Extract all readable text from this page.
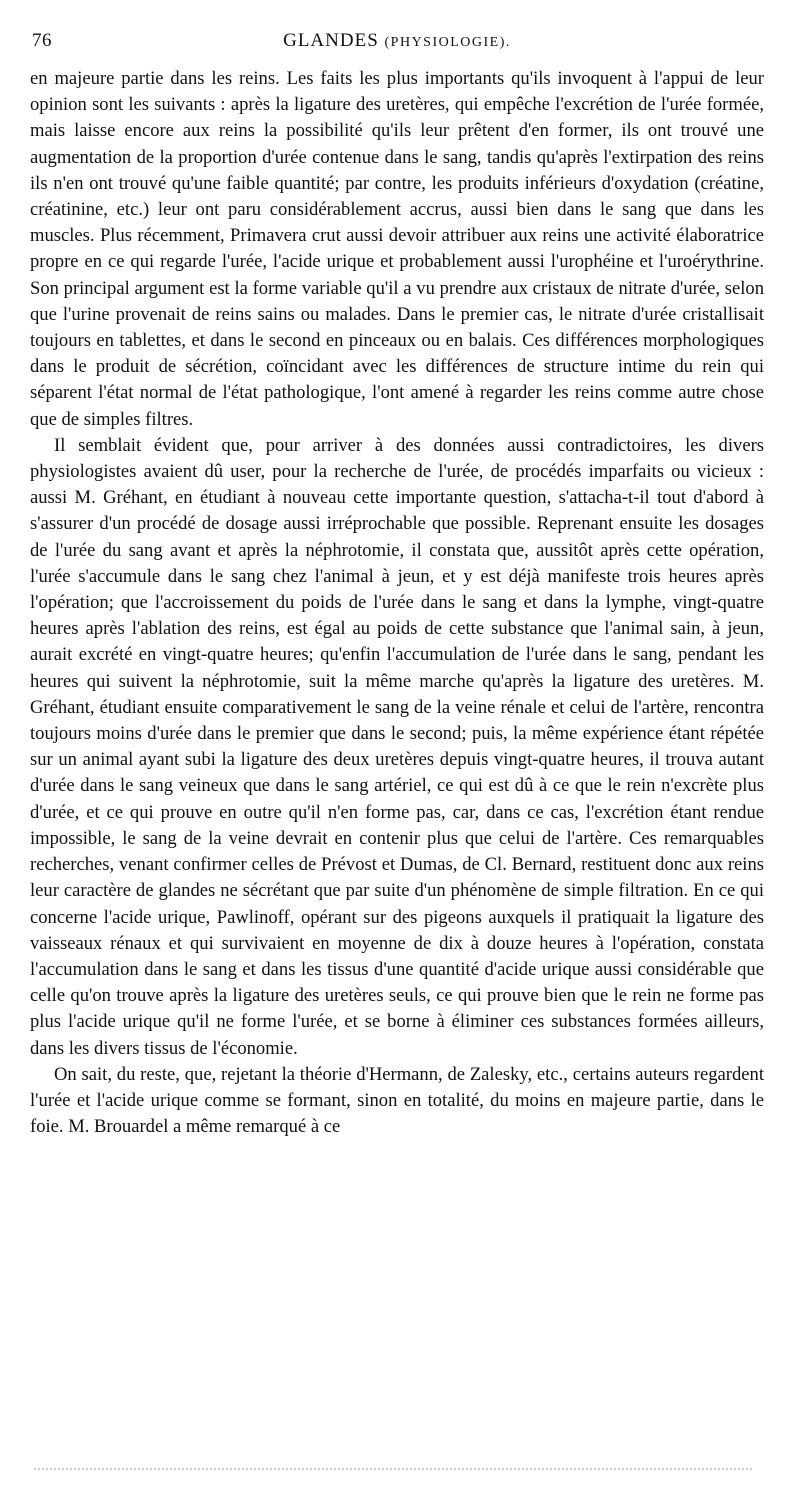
76	GLANDES (PHYSIOLOGIE).

en majeure partie dans les reins. Les faits les plus importants qu'ils invoquent à l'appui de leur opinion sont les suivants : après la ligature des uretères, qui empêche l'excrétion de l'urée formée, mais laisse encore aux reins la possibilité qu'ils leur prêtent d'en former, ils ont trouvé une augmentation de la proportion d'urée contenue dans le sang, tandis qu'après l'extirpation des reins ils n'en ont trouvé qu'une faible quantité; par contre, les produits inférieurs d'oxydation (créatine, créatinine, etc.) leur ont paru considérablement accrus, aussi bien dans le sang que dans les muscles. Plus récemment, Primavera crut aussi devoir attribuer aux reins une activité élaboratrice propre en ce qui regarde l'urée, l'acide urique et probablement aussi l'urophéine et l'uroérythrine. Son principal argument est la forme variable qu'il a vu prendre aux cristaux de nitrate d'urée, selon que l'urine provenait de reins sains ou malades. Dans le premier cas, le nitrate d'urée cristallisait toujours en tablettes, et dans le second en pinceaux ou en balais. Ces différences morphologiques dans le produit de sécrétion, coïncidant avec les différences de structure intime du rein qui séparent l'état normal de l'état pathologique, l'ont amené à regarder les reins comme autre chose que de simples filtres.

Il semblait évident que, pour arriver à des données aussi contradictoires, les divers physiologistes avaient dû user, pour la recherche de l'urée, de procédés imparfaits ou vicieux : aussi M. Gréhant, en étudiant à nouveau cette importante question, s'attacha-t-il tout d'abord à s'assurer d'un procédé de dosage aussi irréprochable que possible. Reprenant ensuite les dosages de l'urée du sang avant et après la néphrotomie, il constata que, aussitôt après cette opération, l'urée s'accumule dans le sang chez l'animal à jeun, et y est déjà manifeste trois heures après l'opération; que l'accroissement du poids de l'urée dans le sang et dans la lymphe, vingt-quatre heures après l'ablation des reins, est égal au poids de cette substance que l'animal sain, à jeun, aurait excrété en vingt-quatre heures; qu'enfin l'accumulation de l'urée dans le sang, pendant les heures qui suivent la néphrotomie, suit la même marche qu'après la ligature des uretères. M. Gréhant, étudiant ensuite comparativement le sang de la veine rénale et celui de l'artère, rencontra toujours moins d'urée dans le premier que dans le second; puis, la même expérience étant répétée sur un animal ayant subi la ligature des deux uretères depuis vingt-quatre heures, il trouva autant d'urée dans le sang veineux que dans le sang artériel, ce qui est dû à ce que le rein n'excrète plus d'urée, et ce qui prouve en outre qu'il n'en forme pas, car, dans ce cas, l'excrétion étant rendue impossible, le sang de la veine devrait en contenir plus que celui de l'artère. Ces remarquables recherches, venant confirmer celles de Prévost et Dumas, de Cl. Bernard, restituent donc aux reins leur caractère de glandes ne sécrétant que par suite d'un phénomène de simple filtration. En ce qui concerne l'acide urique, Pawlinoff, opérant sur des pigeons auxquels il pratiquait la ligature des vaisseaux rénaux et qui survivaient en moyenne de dix à douze heures à l'opération, constata l'accumulation dans le sang et dans les tissus d'une quantité d'acide urique aussi considérable que celle qu'on trouve après la ligature des uretères seuls, ce qui prouve bien que le rein ne forme pas plus l'acide urique qu'il ne forme l'urée, et se borne à éliminer ces substances formées ailleurs, dans les divers tissus de l'économie.

On sait, du reste, que, rejetant la théorie d'Hermann, de Zalesky, etc., certains auteurs regardent l'urée et l'acide urique comme se formant, sinon en totalité, du moins en majeure partie, dans le foie. M. Brouardel a même remarqué à ce
